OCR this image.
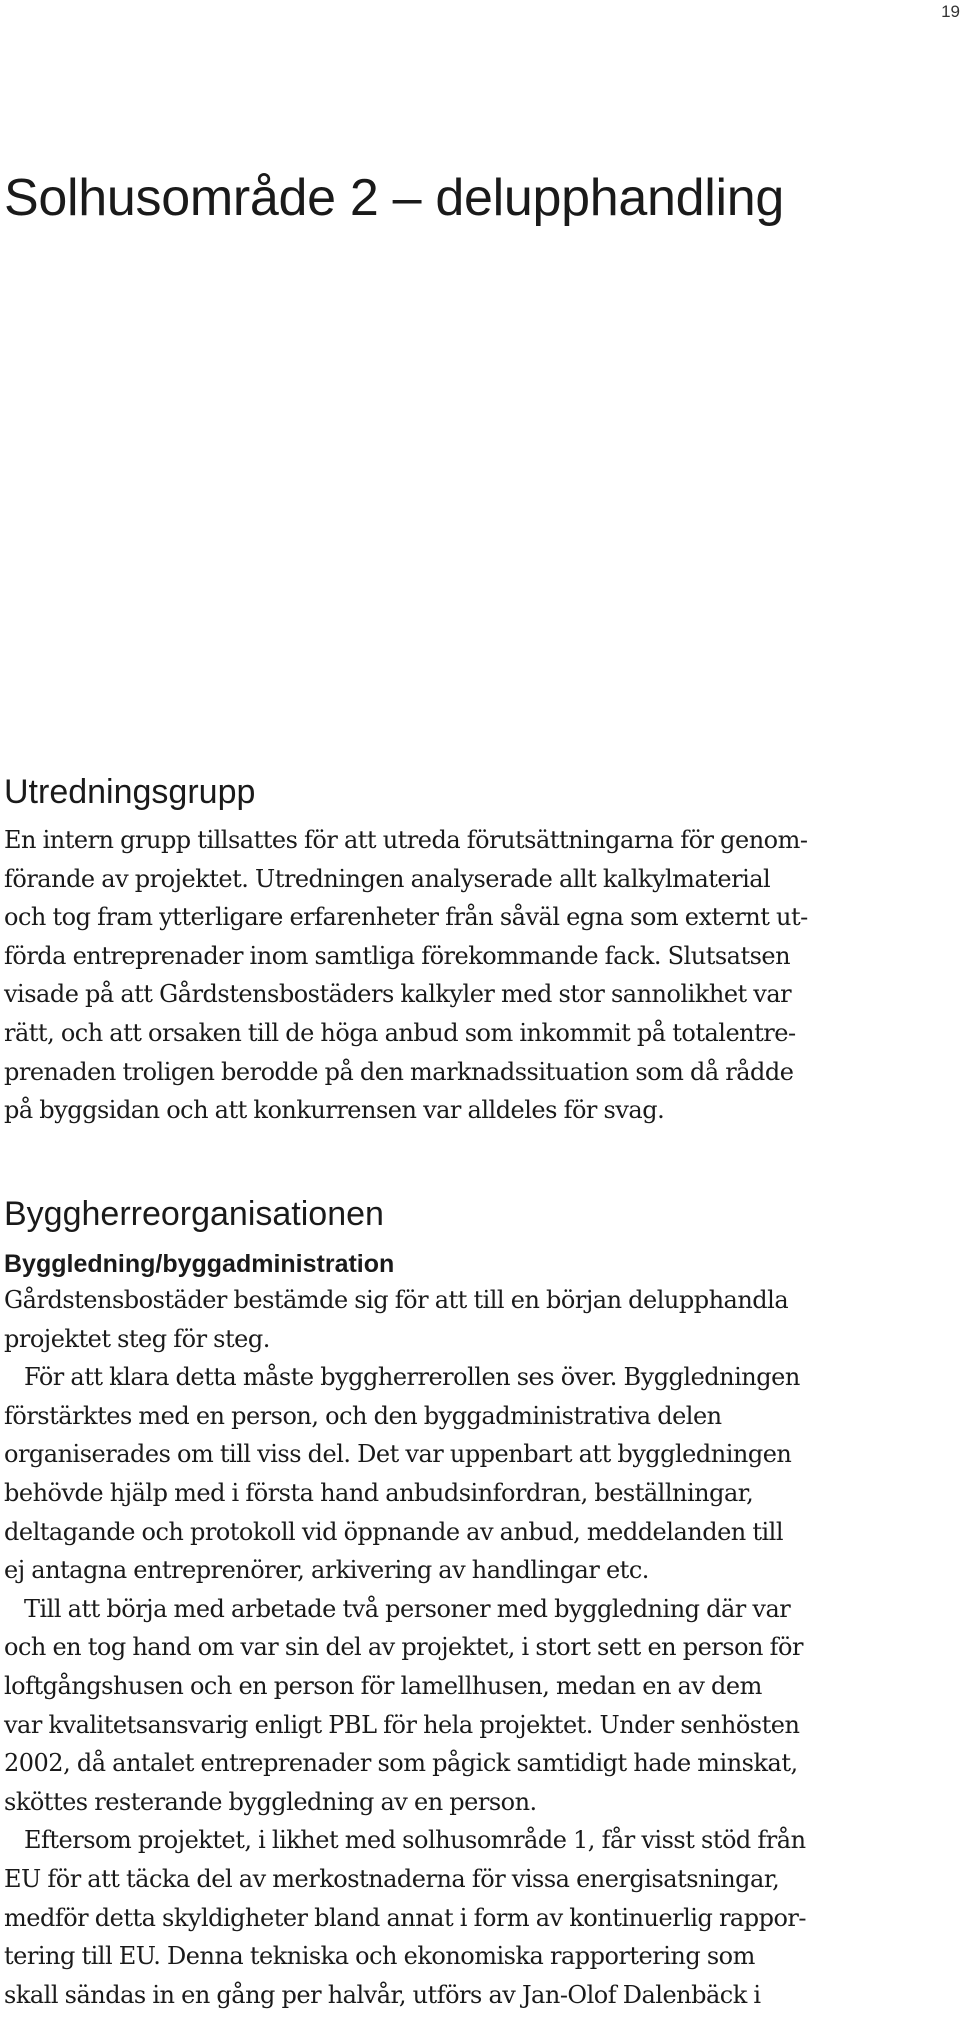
19
Solhusområde 2 – delupphandling
Utredningsgrupp
En intern grupp tillsattes för att utreda förutsättningarna för genom-
förande av projektet. Utredningen analyserade allt kalkylmaterial
och tog fram ytterligare erfarenheter från såväl egna som externt ut-
förda entreprenader inom samtliga förekommande fack. Slutsatsen
visade på att Gårdstensbostäders kalkyler med stor sannolikhet var
rätt, och att orsaken till de höga anbud som inkommit på totalentre-
prenaden troligen berodde på den marknadssituation som då rådde
på byggsidan och att konkurrensen var alldeles för svag.
Byggherreorganisationen
Byggledning/byggadministration
Gårdstensbostäder bestämde sig för att till en början delupphandla
projektet steg för steg.
För att klara detta måste byggherrerollen ses över. Byggledningen
förstärktes med en person, och den byggadministrativa delen
organiserades om till viss del. Det var uppenbart att byggledningen
behövde hjälp med i första hand anbudsinfordran, beställningar,
deltagande och protokoll vid öppnande av anbud, meddelanden till
ej antagna entreprenörer, arkivering av handlingar etc.
Till att börja med arbetade två personer med byggledning där var
och en tog hand om var sin del av projektet, i stort sett en person för
loftgångshusen och en person för lamellhusen, medan en av dem
var kvalitetsansvarig enligt PBL för hela projektet. Under senhösten
2002, då antalet entreprenader som pågick samtidigt hade minskat,
sköttes resterande byggledning av en person.
Eftersom projektet, i likhet med solhusområde 1, får visst stöd från
EU för att täcka del av merkostnaderna för vissa energisatsningar,
medför detta skyldigheter bland annat i form av kontinuerlig rappor-
tering till EU. Denna tekniska och ekonomiska rapportering som
skall sändas in en gång per halvår, utförs av Jan-Olof Dalenbäck i
